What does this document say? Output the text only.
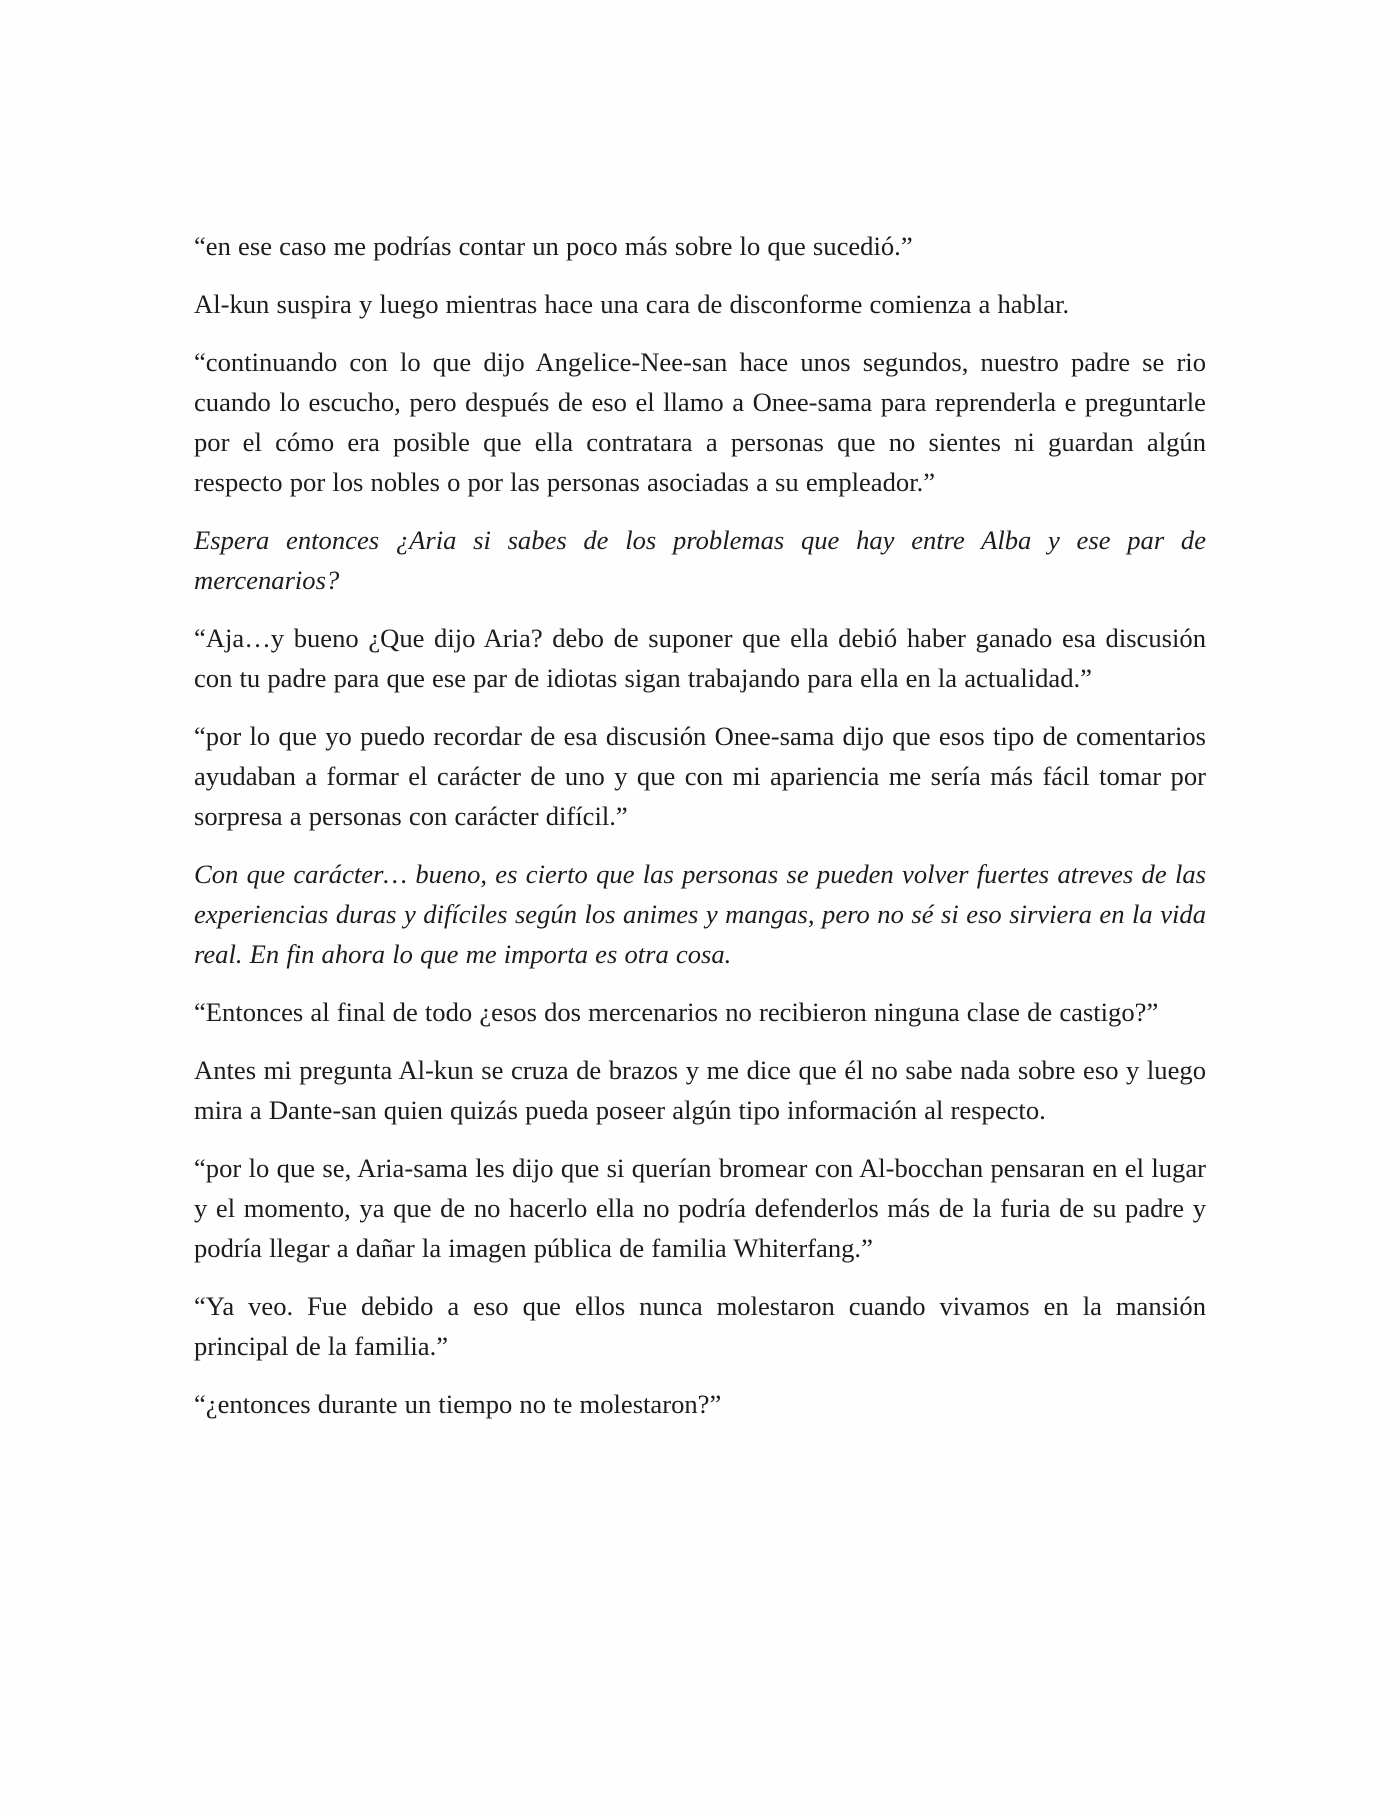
“en ese caso me podrías contar un poco más sobre lo que sucedió.”

Al-kun suspira y luego mientras hace una cara de disconforme comienza a hablar.

“continuando con lo que dijo Angelice-Nee-san hace unos segundos, nuestro padre se rio cuando lo escucho, pero después de eso el llamo a Onee-sama para reprenderla e preguntarle por el cómo era posible que ella contratara a personas que no sientes ni guardan algún respecto por los nobles o por las personas asociadas a su empleador.”

Espera entonces ¿Aria si sabes de los problemas que hay entre Alba y ese par de mercenarios?

“Aja…y bueno ¿Que dijo Aria? debo de suponer que ella debió haber ganado esa discusión con tu padre para que ese par de idiotas sigan trabajando para ella en la actualidad.”

“por lo que yo puedo recordar de esa discusión Onee-sama dijo que esos tipo de comentarios ayudaban a formar el carácter de uno y que con mi apariencia me sería más fácil tomar por sorpresa a personas con carácter difícil.”

Con que carácter… bueno, es cierto que las personas se pueden volver fuertes atreves de las experiencias duras y difíciles según los animes y mangas, pero no sé si eso sirviera en la vida real. En fin ahora lo que me importa es otra cosa.

“Entonces al final de todo ¿esos dos mercenarios no recibieron ninguna clase de castigo?”

Antes mi pregunta Al-kun se cruza de brazos y me dice que él no sabe nada sobre eso y luego mira a Dante-san quien quizás pueda poseer algún tipo información al respecto.

“por lo que se, Aria-sama les dijo que si querían bromear con Al-bocchan pensaran en el lugar y el momento, ya que de no hacerlo ella no podría defenderlos más de la furia de su padre y podría llegar a dañar la imagen pública de familia Whiterfang.”

“Ya veo. Fue debido a eso que ellos nunca molestaron cuando vivamos en la mansión principal de la familia.”

“¿entonces durante un tiempo no te molestaron?”
